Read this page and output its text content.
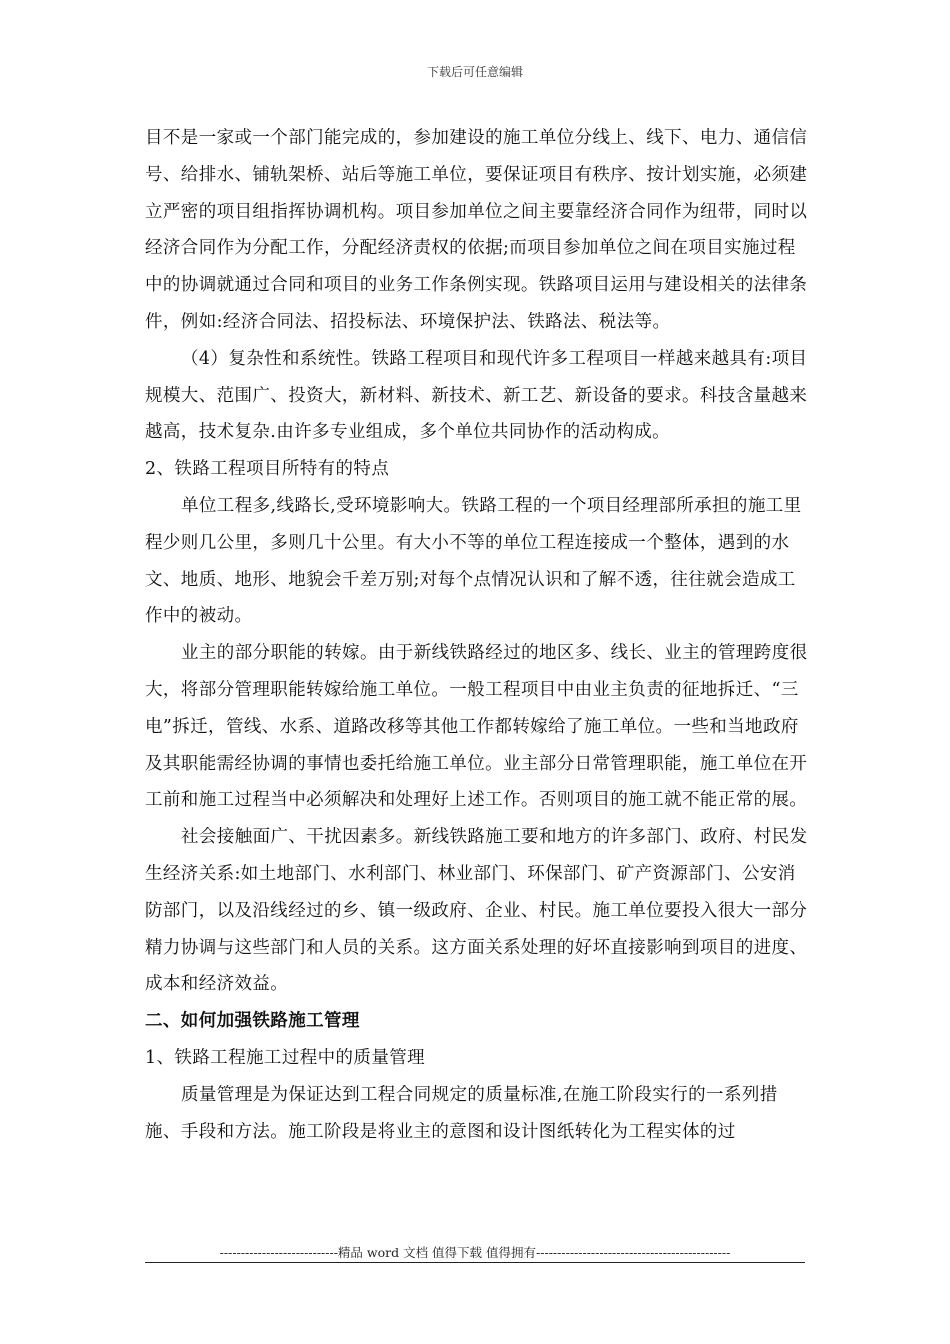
下载后可任意编辑

目不是一家或一个部门能完成的，参加建设的施工单位分线上、线下、电力、通信信号、给排水、铺轨架桥、站后等施工单位，要保证项目有秩序、按计划实施，必须建立严密的项目组指挥协调机构。项目参加单位之间主要靠经济合同作为纽带，同时以经济合同作为分配工作，分配经济责权的依据;而项目参加单位之间在项目实施过程中的协调就通过合同和项目的业务工作条例实现。铁路项目运用与建设相关的法律条件，例如:经济合同法、招投标法、环境保护法、铁路法、税法等。

（4）复杂性和系统性。铁路工程项目和现代许多工程项目一样越来越具有:项目规模大、范围广、投资大，新材料、新技术、新工艺、新设备的要求。科技含量越来越高，技术复杂.由许多专业组成，多个单位共同协作的活动构成。

2、铁路工程项目所特有的特点

单位工程多,线路长,受环境影响大。铁路工程的一个项目经理部所承担的施工里程少则几公里，多则几十公里。有大小不等的单位工程连接成一个整体，遇到的水文、地质、地形、地貌会千差万别;对每个点情况认识和了解不透，往往就会造成工作中的被动。

业主的部分职能的转嫁。由于新线铁路经过的地区多、线长、业主的管理跨度很大，将部分管理职能转嫁给施工单位。一般工程项目中由业主负责的征地拆迁、“三电”拆迁，管线、水系、道路改移等其他工作都转嫁给了施工单位。一些和当地政府及其职能需经协调的事情也委托给施工单位。业主部分日常管理职能，施工单位在开工前和施工过程当中必须解决和处理好上述工作。否则项目的施工就不能正常的展。

社会接触面广、干扰因素多。新线铁路施工要和地方的许多部门、政府、村民发生经济关系:如土地部门、水利部门、林业部门、环保部门、矿产资源部门、公安消防部门，以及沿线经过的乡、镇一级政府、企业、村民。施工单位要投入很大一部分精力协调与这些部门和人员的关系。这方面关系处理的好坏直接影响到项目的进度、成本和经济效益。

二、如何加强铁路施工管理

1、铁路工程施工过程中的质量管理

质量管理是为保证达到工程合同规定的质量标准,在施工阶段实行的一系列措施、手段和方法。施工阶段是将业主的意图和设计图纸转化为工程实体的过

----------------------------精品 word 文档 值得下载 值得拥有----------------------------------------------
